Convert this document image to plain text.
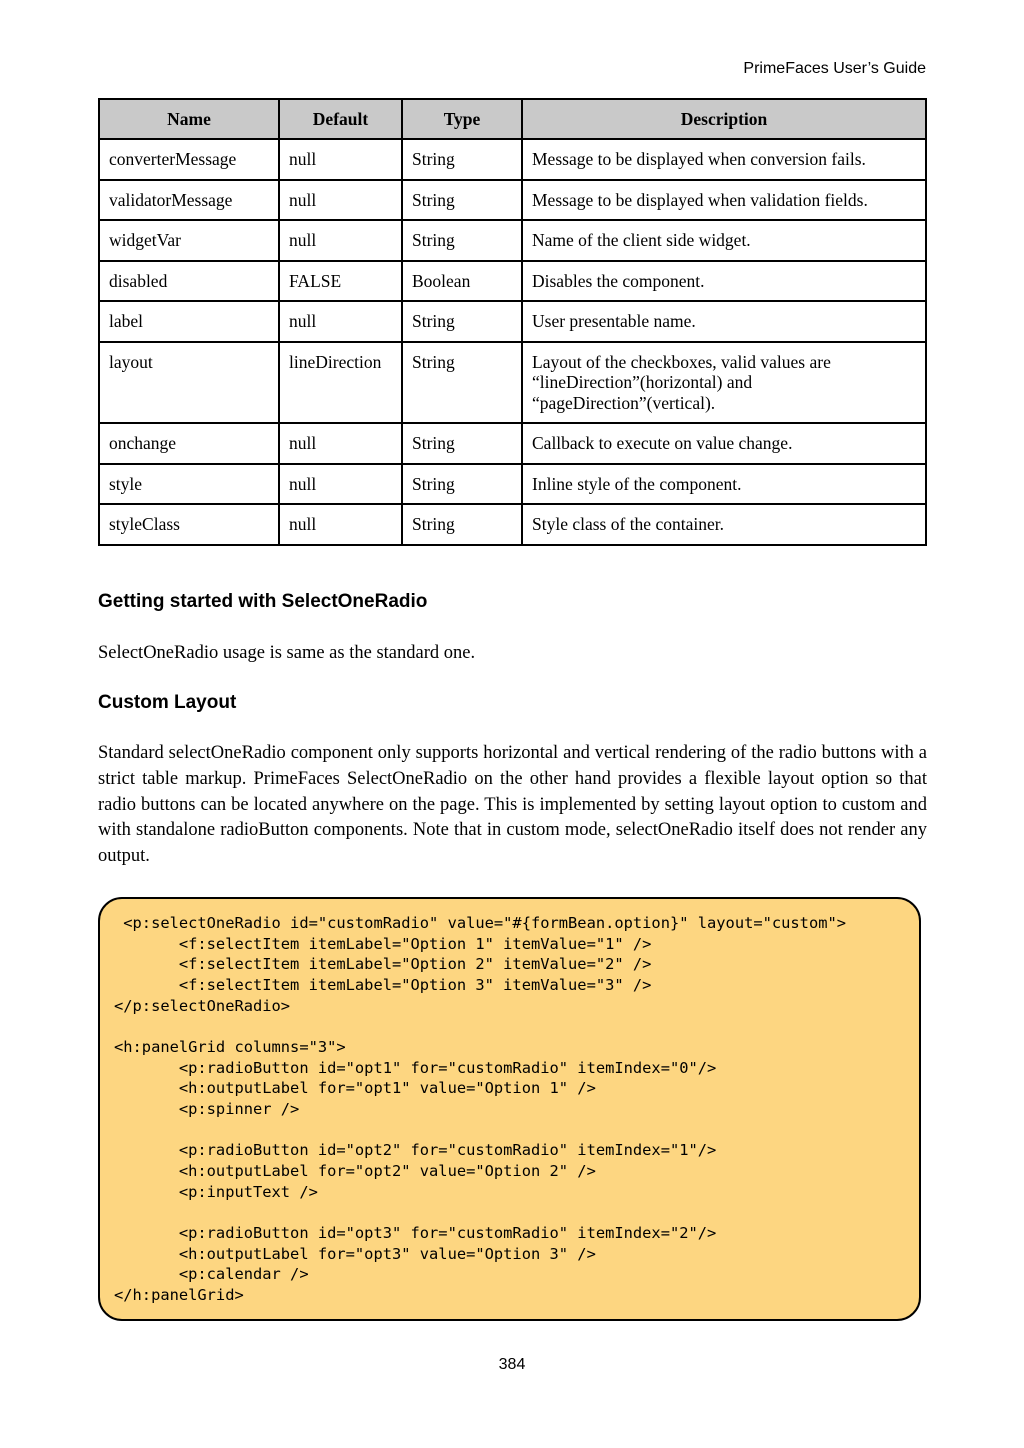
PrimeFaces User’s Guide
Name	Default	Type	Description
converterMessage	null	String	Message to be displayed when conversion fails.
validatorMessage	null	String	Message to be displayed when validation fields.
widgetVar	null	String	Name of the client side widget.
disabled	FALSE	Boolean	Disables the component.
label	null	String	User presentable name.
layout	lineDirection	String	Layout of the checkboxes, valid values are “lineDirection”(horizontal) and “pageDirection”(vertical).
onchange	null	String	Callback to execute on value change.
style	null	String	Inline style of the component.
styleClass	null	String	Style class of the container.
Getting started with SelectOneRadio

SelectOneRadio usage is same as the standard one.

Custom Layout

Standard selectOneRadio component only supports horizontal and vertical rendering of the radio buttons with a strict table markup. PrimeFaces SelectOneRadio on the other hand provides a flexible layout option so that radio buttons can be located anywhere on the page. This is implemented by setting layout option to custom and with standalone radioButton components. Note that in custom mode, selectOneRadio itself does not render any output.

<p:selectOneRadio id="customRadio" value="#{formBean.option}" layout="custom">
<f:selectItem itemLabel="Option 1" itemValue="1" />
<f:selectItem itemLabel="Option 2" itemValue="2" />
<f:selectItem itemLabel="Option 3" itemValue="3" />
</p:selectOneRadio>

<h:panelGrid columns="3">
<p:radioButton id="opt1" for="customRadio" itemIndex="0"/>
<h:outputLabel for="opt1" value="Option 1" />
<p:spinner />

<p:radioButton id="opt2" for="customRadio" itemIndex="1"/>
<h:outputLabel for="opt2" value="Option 2" />
<p:inputText />

<p:radioButton id="opt3" for="customRadio" itemIndex="2"/>
<h:outputLabel for="opt3" value="Option 3" />
<p:calendar />
</h:panelGrid>
384
